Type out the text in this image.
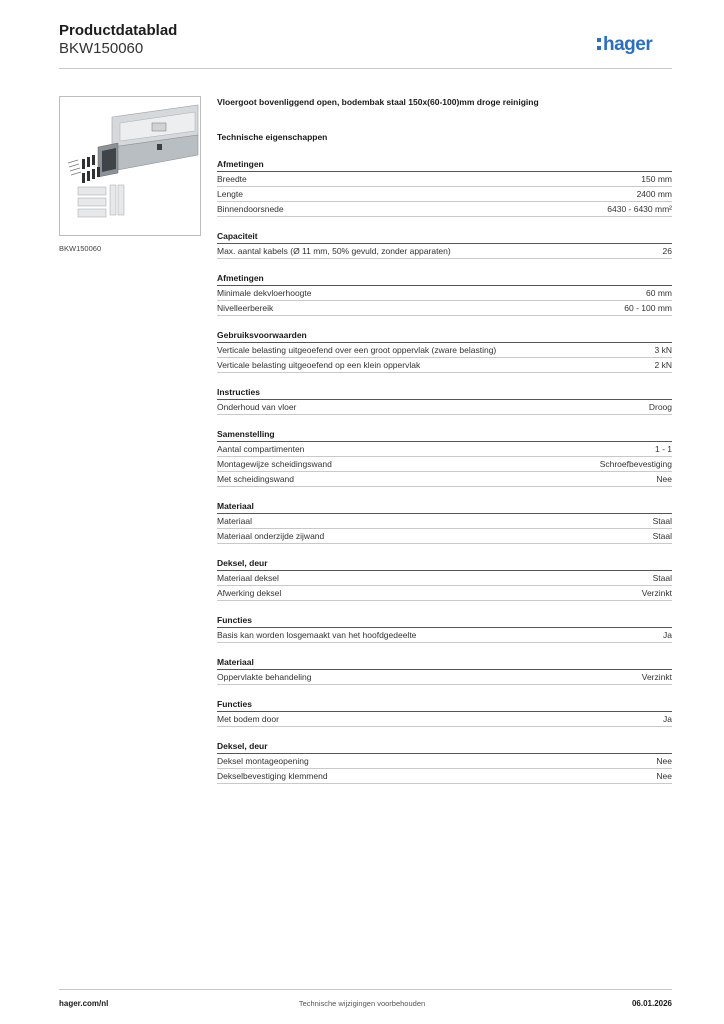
Productdatablad
BKW150060	hager
BKW150060
Vloergoot bovenliggend open, bodembak staal 150x(60-100)mm droge reiniging
Technische eigenschappen
Afmetingen
Breedte	150 mm
Lengte	2400 mm
Binnendoorsnede	6430 - 6430 mm²
Capaciteit
Max. aantal kabels (Ø 11 mm, 50% gevuld, zonder apparaten)	26
Afmetingen
Minimale dekvloerhoogte	60 mm
Nivelleerbereik	60 - 100 mm
Gebruiksvoorwaarden
Verticale belasting uitgeoefend over een groot oppervlak (zware belasting)	3 kN
Verticale belasting uitgeoefend op een klein oppervlak	2 kN
Instructies
Onderhoud van vloer	Droog
Samenstelling
Aantal compartimenten	1 - 1
Montagewijze scheidingswand	Schroefbevestiging
Met scheidingswand	Nee
Materiaal
Materiaal	Staal
Materiaal onderzijde zijwand	Staal
Deksel, deur
Materiaal deksel	Staal
Afwerking deksel	Verzinkt
Functies
Basis kan worden losgemaakt van het hoofdgedeelte	Ja
Materiaal
Oppervlakte behandeling	Verzinkt
Functies
Met bodem door	Ja
Deksel, deur
Deksel montageopening	Nee
Dekselbevestiging klemmend	Nee
Technische wijzigingen voorbehouden
hager.com/nl	06.01.2026
